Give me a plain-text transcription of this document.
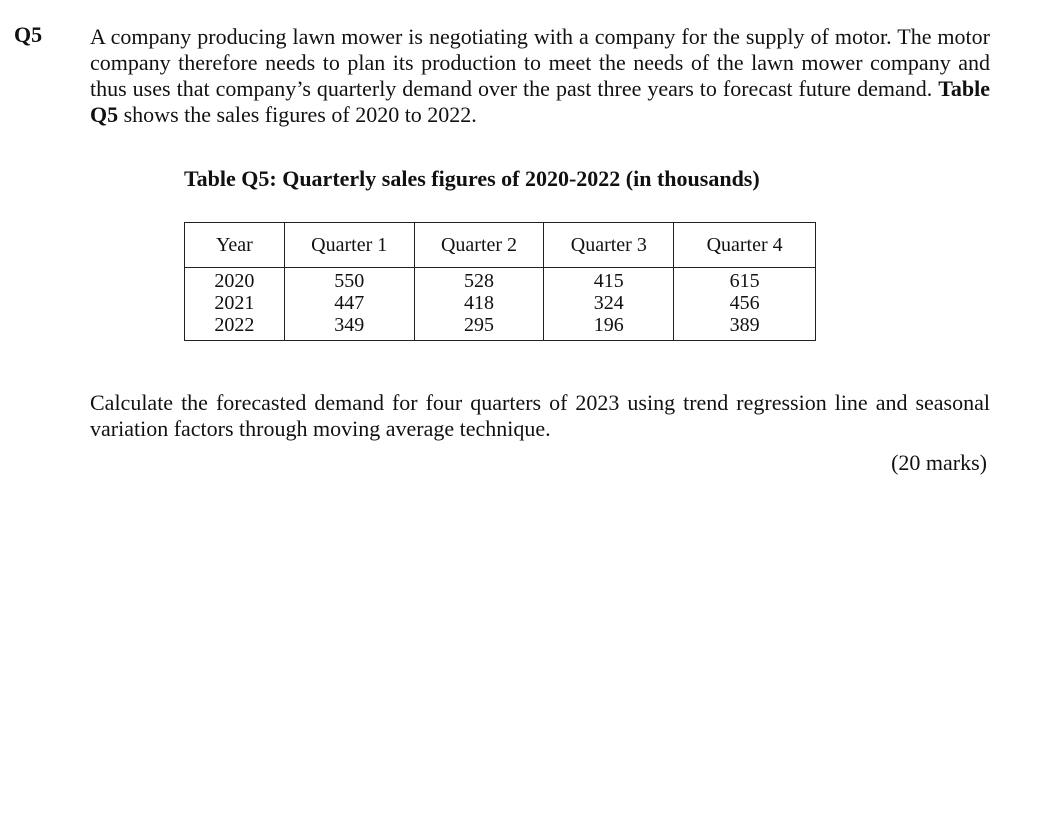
Q5 A company producing lawn mower is negotiating with a company for the supply of motor. The motor company therefore needs to plan its production to meet the needs of the lawn mower company and thus uses that company’s quarterly demand over the past three years to forecast future demand. Table Q5 shows the sales figures of 2020 to 2022.
Table Q5: Quarterly sales figures of 2020-2022 (in thousands)
Year	Quarter 1	Quarter 2	Quarter 3	Quarter 4
2020	550	528	415	615
2021	447	418	324	456
2022	349	295	196	389
Calculate the forecasted demand for four quarters of 2023 using trend regression line and seasonal variation factors through moving average technique.
(20 marks)
